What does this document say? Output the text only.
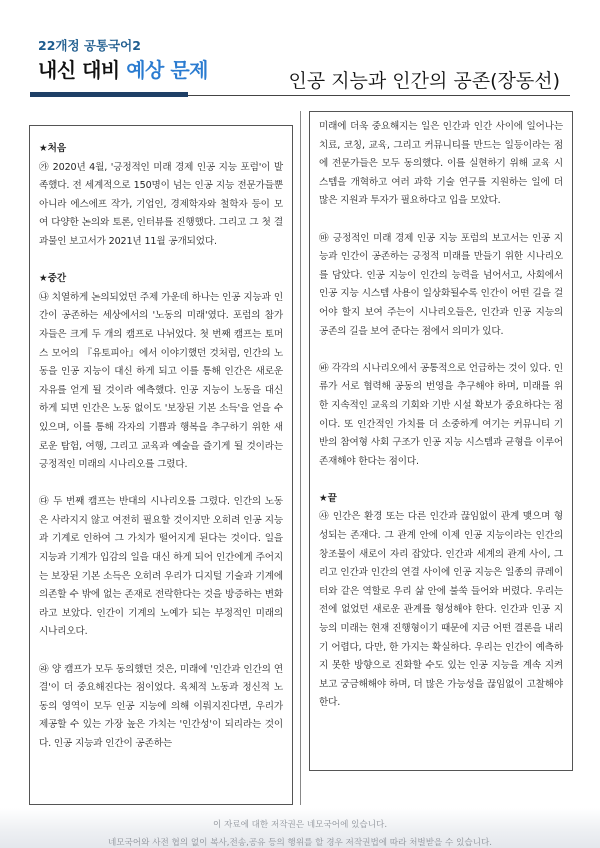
22개정 공통국어2
내신 대비 예상 문제	인공 지능과 인간의 공존(장동선)

★처음

㉮ 2020년 4월, '긍정적인 미래 경제 인공 지능 포럼'이 발족했다. 전 세계적으로 150명이 넘는 인공 지능 전문가들뿐 아니라 에스에프 작가, 기업인, 경제학자와 철학자 등이 모여 다양한 논의와 토론, 인터뷰를 진행했다. 그리고 그 첫 결과물인 보고서가 2021년 11월 공개되었다.

★중간

㉯ 치열하게 논의되었던 주제 가운데 하나는 인공 지능과 인간이 공존하는 세상에서의 '노동의 미래'였다. 포럼의 참가자들은 크게 두 개의 캠프로 나뉘었다. 첫 번째 캠프는 토머스 모어의 『유토피아』에서 이야기했던 것처럼, 인간의 노동을 인공 지능이 대신 하게 되고 이를 통해 인간은 새로운 자유를 얻게 될 것이라 예측했다. 인공 지능이 노동을 대신 하게 되면 인간은 노동 없이도 '보장된 기본 소득'을 얻을 수 있으며, 이를 통해 각자의 기쁨과 행복을 추구하기 위한 새로운 탐험, 여행, 그리고 교육과 예술을 즐기게 될 것이라는 긍정적인 미래의 시나리오를 그렸다.

㉰ 두 번째 캠프는 반대의 시나리오를 그렸다. 인간의 노동은 사라지지 않고 여전히 필요할 것이지만 오히려 인공 지능과 기계로 인하여 그 가치가 떨어지게 된다는 것이다. 일을 지능과 기계가 입감의 일을 대신 하게 되어 인간에게 주어지는 보장된 기본 소득은 오히려 우리가 디지털 기술과 기계에 의존할 수 밖에 없는 존재로 전락한다는 것을 방증하는 변화라고 보았다. 인간이 기계의 노예가 되는 부정적인 미래의 시나리오다.

㉱ 양 캠프가 모두 동의했던 것은, 미래에 '인간과 인간의 연결'이 더 중요해진다는 점이었다. 육체적 노동과 정신적 노동의 영역이 모두 인공 지능에 의해 이뤄지진다면, 우리가 제공할 수 있는 가장 높은 가치는 '인간성'이 되리라는 것이다. 인공 지능과 인간이 공존하는

미래에 더욱 중요해지는 일은 인간과 인간 사이에 일어나는 치료, 코칭, 교육, 그리고 커뮤니티를 만드는 일등이라는 점에 전문가들은 모두 동의했다. 이를 실현하기 위해 교육 시스템을 개혁하고 여러 과학 기술 연구를 지원하는 일에 더 많은 지원과 투자가 필요하다고 입을 모았다.

㉲ 긍정적인 미래 경제 인공 지능 포럼의 보고서는 인공 지능과 인간이 공존하는 긍정적 미래를 만들기 위한 시나리오를 담았다. 인공 지능이 인간의 능력을 넘어서고, 사회에서 인공 지능 시스템 사용이 일상화될수록 인간이 어떤 길을 걸어야 할지 보여 주는이 시나리오들은, 인간과 인공 지능의 공존의 길을 보여 준다는 점에서 의미가 있다.

㉳ 각각의 시나리오에서 공통적으로 언급하는 것이 있다. 인류가 서로 협력해 공동의 번영을 추구해야 하며, 미래를 위한 지속적인 교육의 기회와 기반 시설 확보가 중요하다는 점이다. 또 인간적인 가치를 더 소중하게 여기는 커뮤니티 기반의 참여형 사회 구조가 인공 지능 시스템과 균형을 이루어 존재해야 한다는 점이다.

★끝

㉴ 인간은 환경 또는 다른 인간과 끊임없이 관계 맺으며 형성되는 존재다. 그 관계 안에 이제 인공 지능이라는 인간의 창조물이 새로이 자리 잡았다. 인간과 세계의 관계 사이, 그리고 인간과 인간의 연결 사이에 인공 지능은 일종의 큐레이터와 같은 역할로 우리 삶 안에 불쑥 들어와 버렸다. 우리는 전에 없었던 새로운 관계를 형성해야 한다. 인간과 인공 지능의 미래는 현재 진행형이기 때문에 지금 어떤 결론을 내리기 어렵다, 다만, 한 가지는 확실하다. 우리는 인간이 예측하지 못한 방향으로 진화할 수도 있는 인공 지능을 계속 지켜보고 궁금해해야 하며, 더 많은 가능성을 끊임없이 고찰해야 한다.

이 자료에 대한 저작권은 네모국어에 있습니다.
네모국어와 사전 협의 없이 복사,전송,공유 등의 행위를 할 경우 저작권법에 따라 처벌받을 수 있습니다.
